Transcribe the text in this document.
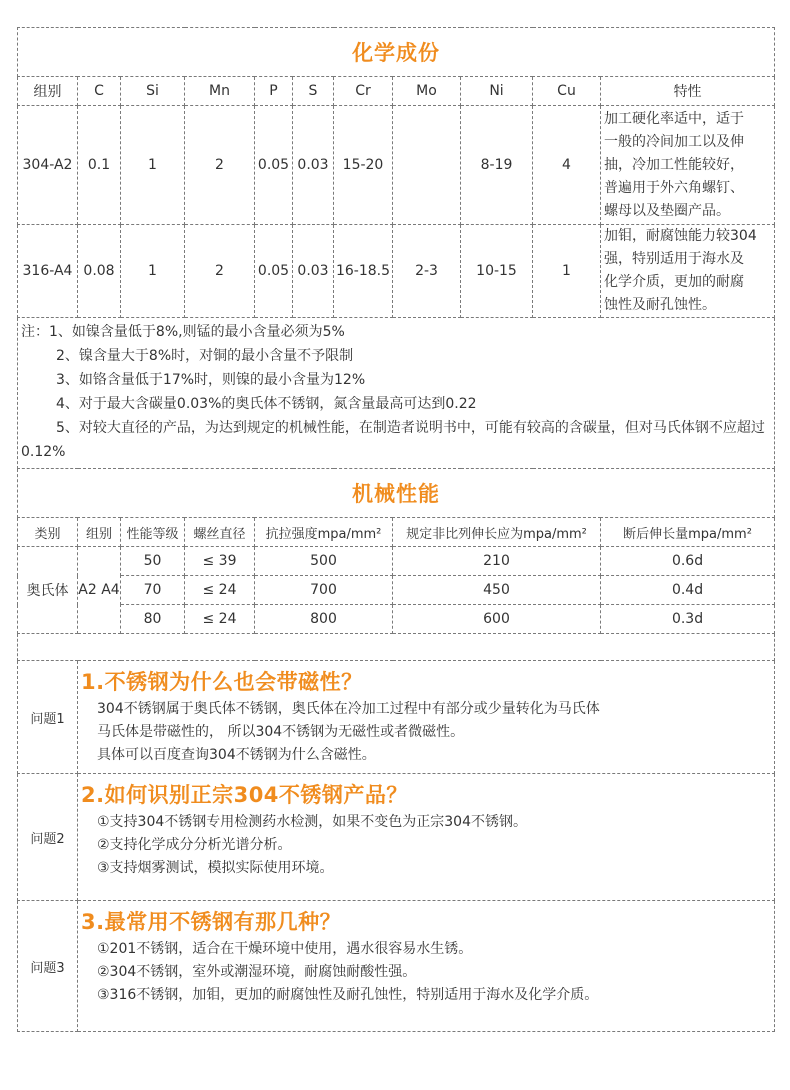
化学成份										
组别	C	Si	Mn	P	S	Cr	Mo	Ni	Cu	特性
304-A2	0.1	1	2	0.05	0.03	15-20		8-19	4	加工硬化率适中，适于
一般的冷间加工以及伸
抽，冷加工性能较好，
普遍用于外六角螺钉、
螺母以及垫圈产品。

316-A4	0.08	1	2	0.05	0.03	16-18.5	2-3	10-15	1	加钼，耐腐蚀能力较304
强，特别适用于海水及
化学介质，更加的耐腐
蚀性及耐孔蚀性。

注：1、如镍含量低于8%,则锰的最小含量必须为5%
2、镍含量大于8%时，对铜的最小含量不予限制
3、如铬含量低于17%时，则镍的最小含量为12%
4、对于最大含碳量0.03%的奥氏体不锈钢，氮含量最高可达到0.22
5、对较大直径的产品，为达到规定的机械性能，在制造者说明书中，可能有较高的含碳量，但对马氏体钢不应超过0.12%										
机械性能						
类别	组别	性能等级	螺丝直径	抗拉强度mpa/mm²	规定非比列伸长应为mpa/mm²	断后伸长量mpa/mm²
奥氏体	A2 A4	50	≤ 39	500	210	0.6d
		70	≤ 24	700	450	0.4d
		80	≤ 24	800	600	0.3d

问题1	1.不锈钢为什么也会带磁性？
304不锈钢属于奥氏体不锈钢，奥氏体在冷加工过程中有部分或少量转化为马氏体
马氏体是带磁性的， 所以304不锈钢为无磁性或者微磁性。
具体可以百度查询304不锈钢为什么含磁性。

问题2	2.如何识别正宗304不锈钢产品？
①支持304不锈钢专用检测药水检测，如果不变色为正宗304不锈钢。
②支持化学成分分析光谱分析。
③支持烟雾测试，模拟实际使用环境。

问题3	3.最常用不锈钢有那几种？
①201不锈钢，适合在干燥环境中使用，遇水很容易水生锈。
②304不锈钢，室外或潮湿环境，耐腐蚀耐酸性强。
③316不锈钢，加钼，更加的耐腐蚀性及耐孔蚀性，特别适用于海水及化学介质。
